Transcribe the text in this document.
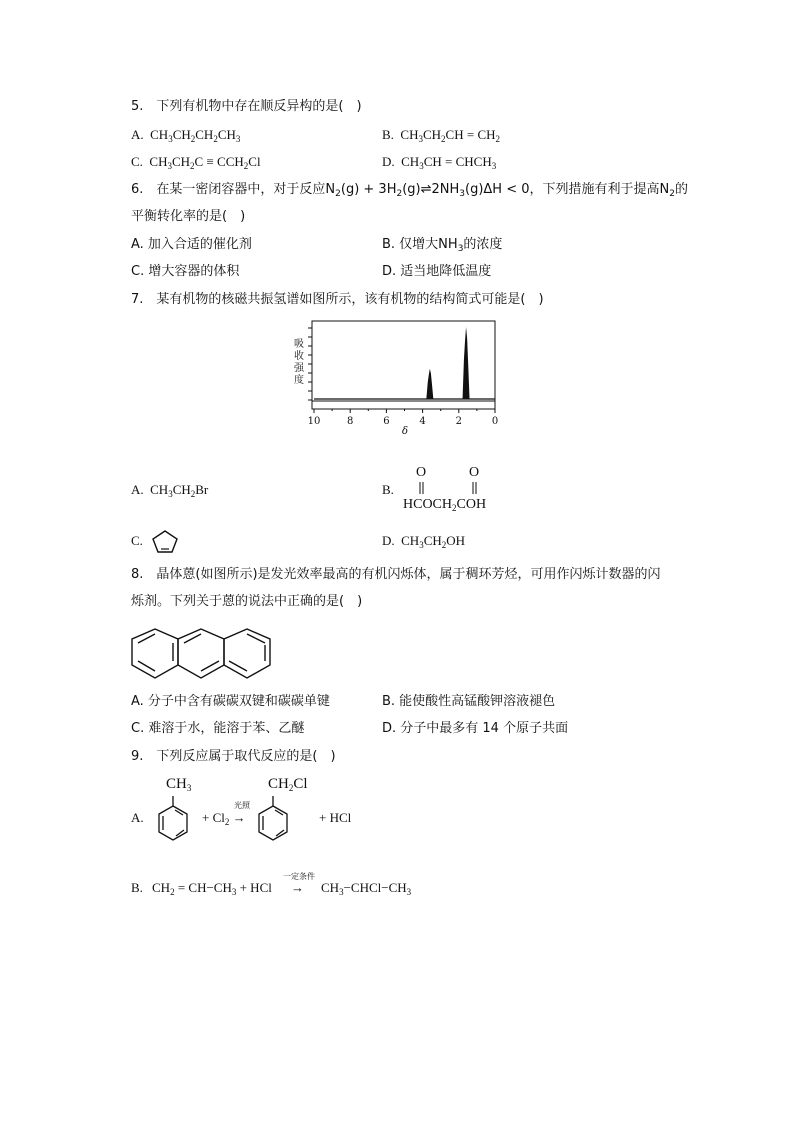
5.　下列有机物中存在顺反异构的是(　)
A.  $CH_3CH_2CH_2CH_3$	B.  $CH_3CH_2CH = CH_2$
C.  $CH_3CH_2C \equiv CCH_2Cl$	D.  $CH_3CH$ = $CHCH_3$
6.　在某一密闭容器中，对于反应$N_2(g)$ + $3H_2(g)\rightleftharpoons 2NH_3(g)\Delta H < 0$，下列措施有利于提高$N_2$的
平衡转化率的是(　)
A. 加入合适的催化剂	B. 仅增大$NH_3$的浓度
C. 增大容器的体积	D. 适当地降低温度
7.　某有机物的核磁共振氢谱如图所示，该有机物的结构简式可能是(　)
吸
收
强
度
10	8	6	4	2	0
δ
A.  $CH_3CH_2Br$	B.
O	O
$HCOCH_2COH$
C.	D.  $CH_3CH_2OH$
8.　晶体蒽(如图所示)是发光效率最高的有机闪烁体，属于稠环芳烃，可用作闪烁计数器的闪
烁剂。下列关于蒽的说法中正确的是(　)
A. 分子中含有碳碳双键和碳碳单键	B. 能使酸性高锰酸钾溶液褪色
C. 难溶于水，能溶于苯、乙醚	D. 分子中最多有 14 个原子共面
9.　下列反应属于取代反应的是(　)
A.
$CH_3$
光照
+ $Cl_2$ →
$CH_2Cl$
+ HCl
B. $CH_2 = CH-CH_3$ + HCl
一定条件
→ $CH_3-CHCl-CH_3$
